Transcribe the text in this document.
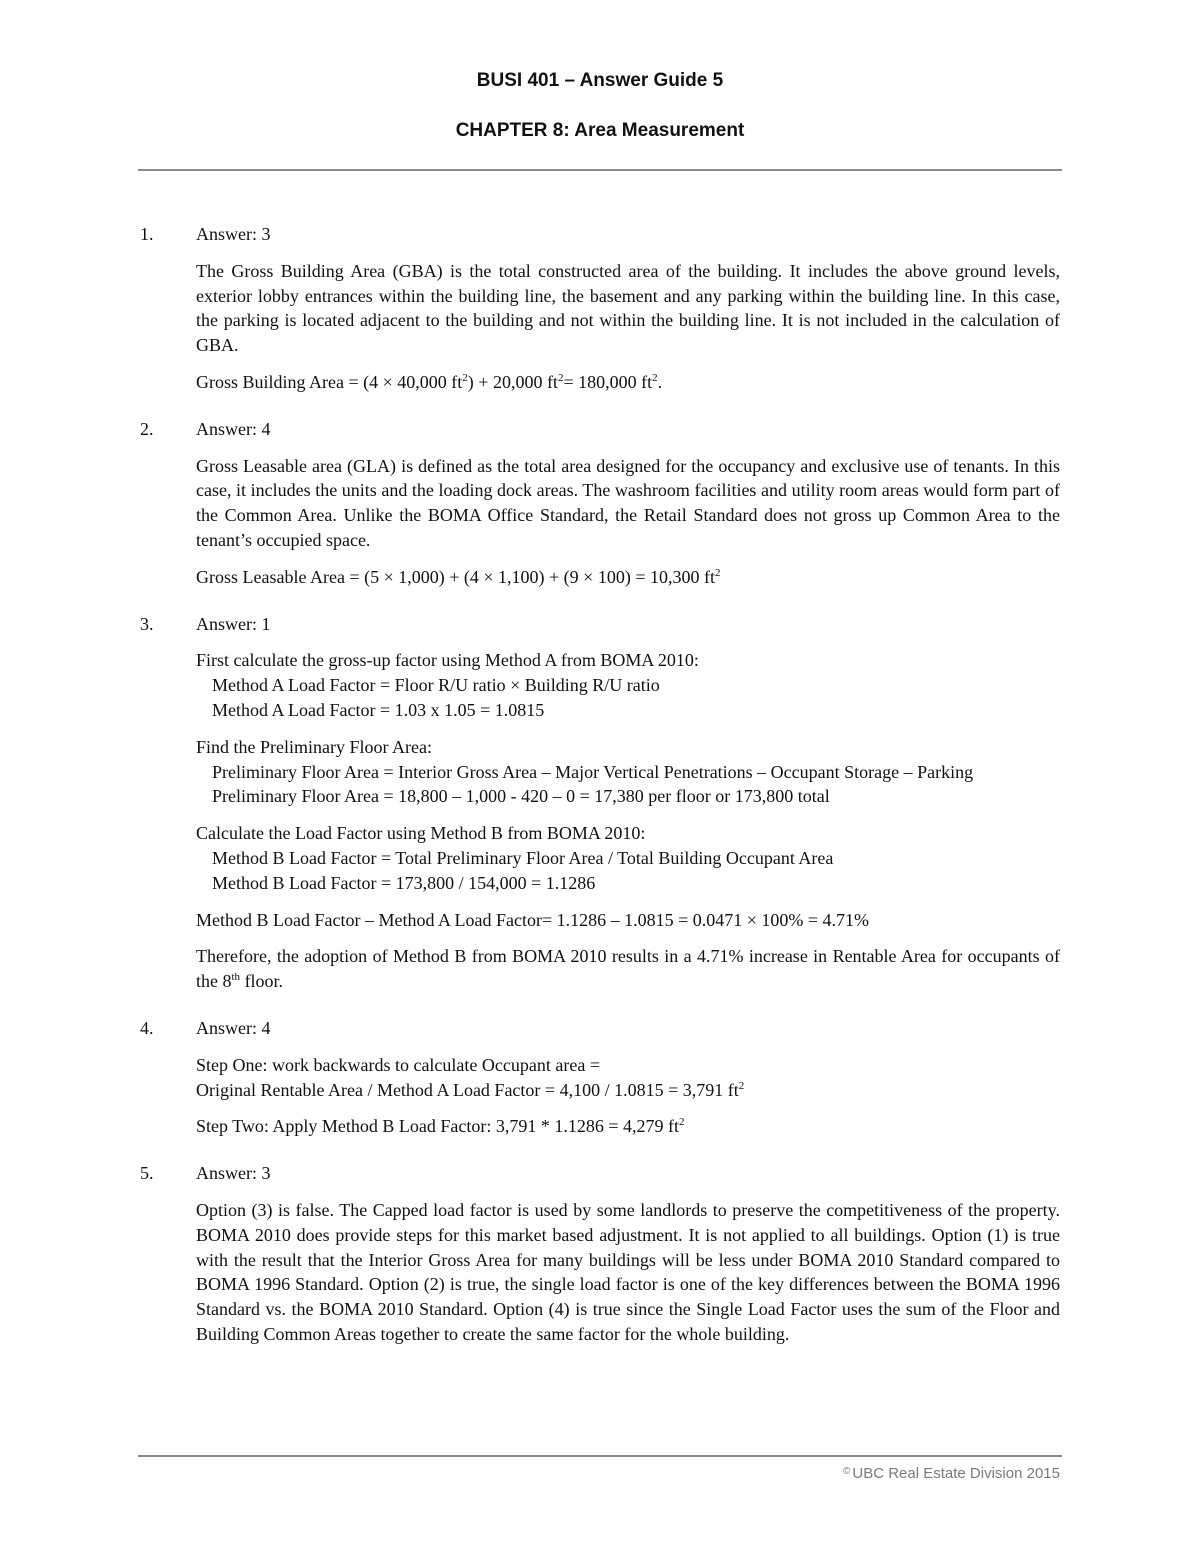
BUSI 401 – Answer Guide 5
CHAPTER 8: Area Measurement
1. Answer: 3

The Gross Building Area (GBA) is the total constructed area of the building. It includes the above ground levels, exterior lobby entrances within the building line, the basement and any parking within the building line. In this case, the parking is located adjacent to the building and not within the building line. It is not included in the calculation of GBA.

Gross Building Area = (4 × 40,000 $ft^2) + 20,000$ $ft^2= 180,000$ $ft^2$.

2. Answer: 4

Gross Leasable area (GLA) is defined as the total area designed for the occupancy and exclusive use of tenants. In this case, it includes the units and the loading dock areas. The washroom facilities and utility room areas would form part of the Common Area. Unlike the BOMA Office Standard, the Retail Standard does not gross up Common Area to the tenant’s occupied space.

Gross Leasable Area = (5 × 1,000) + (4 × 1,100) + (9 × 100) = 10,300 $ft^2$

3. Answer: 1

First calculate the gross-up factor using Method A from BOMA 2010:

Method A Load Factor = Floor R/U ratio × Building R/U ratio

Method A Load Factor = 1.03 x 1.05 = 1.0815

Find the Preliminary Floor Area:

Preliminary Floor Area = Interior Gross Area – Major Vertical Penetrations – Occupant Storage – Parking

Preliminary Floor Area = 18,800 – 1,000 - 420 – 0 = 17,380 per floor or 173,800 total

Calculate the Load Factor using Method B from BOMA 2010:

Method B Load Factor = Total Preliminary Floor Area / Total Building Occupant Area

Method B Load Factor = 173,800 / 154,000 = 1.1286

Method B Load Factor – Method A Load Factor= 1.1286 – 1.0815 = 0.0471 × 100% = 4.71%

Therefore, the adoption of Method B from BOMA 2010 results in a 4.71% increase in Rentable Area for occupants of the 8th floor.

4. Answer: 4

Step One: work backwards to calculate Occupant area =

Original Rentable Area / Method A Load Factor = 4,100 / 1.0815 = 3,791 $ft^2$

Step Two: Apply Method B Load Factor: 3,791 * 1.1286 = 4,279 $ft^2$

5. Answer: 3

Option (3) is false. The Capped load factor is used by some landlords to preserve the competitiveness of the property. BOMA 2010 does provide steps for this market based adjustment. It is not applied to all buildings. Option (1) is true with the result that the Interior Gross Area for many buildings will be less under BOMA 2010 Standard compared to BOMA 1996 Standard. Option (2) is true, the single load factor is one of the key differences between the BOMA 1996 Standard vs. the BOMA 2010 Standard. Option (4) is true since the Single Load Factor uses the sum of the Floor and Building Common Areas together to create the same factor for the whole building.

© UBC Real Estate Division 2015
